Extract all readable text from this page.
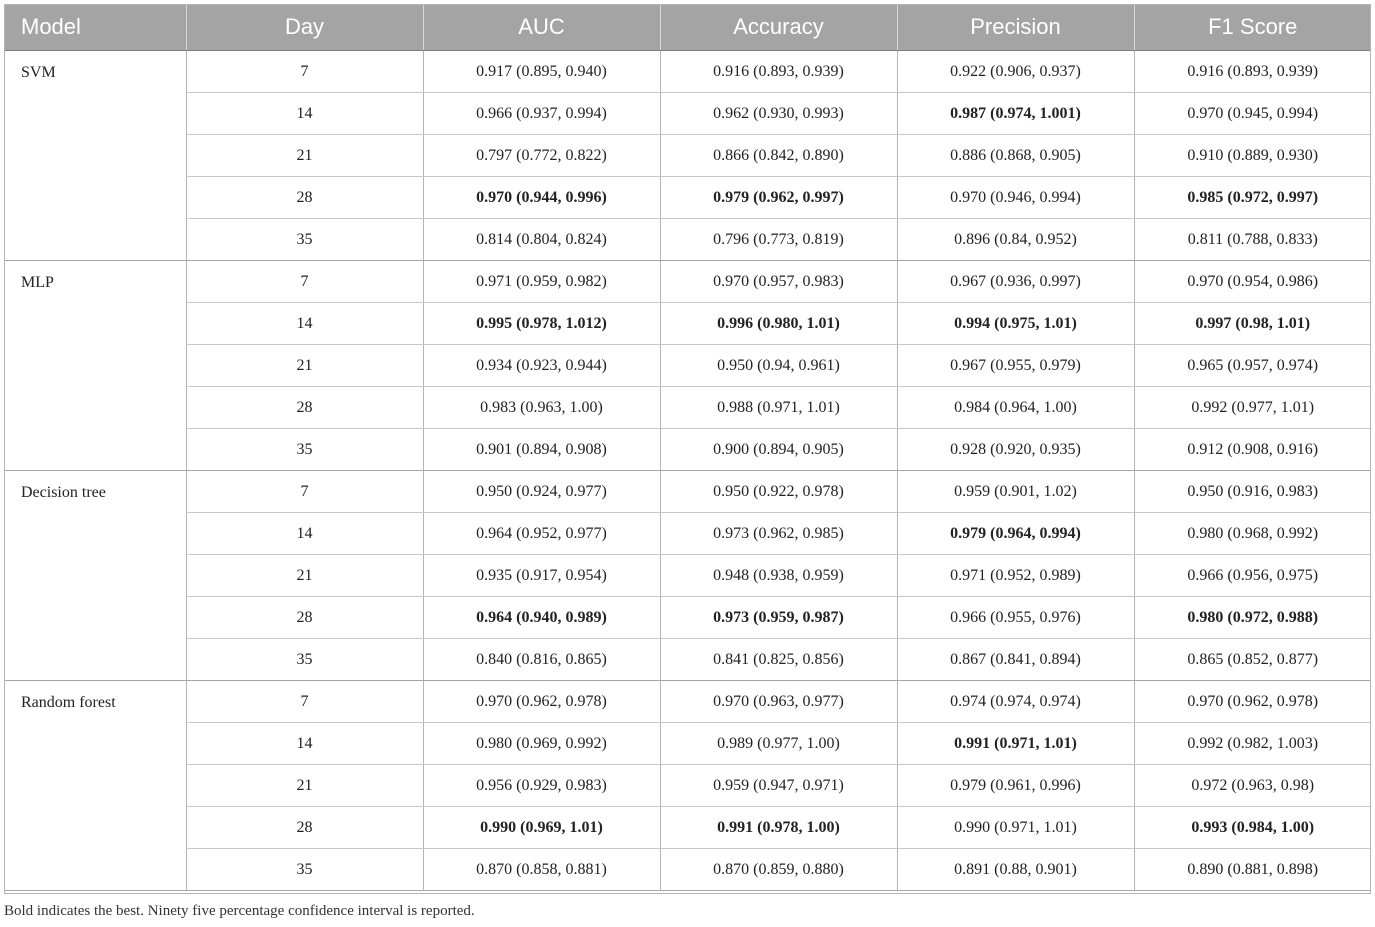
Model	Day	AUC	Accuracy	Precision	F1 Score
SVM	7	0.917 (0.895, 0.940)	0.916 (0.893, 0.939)	0.922 (0.906, 0.937)	0.916 (0.893, 0.939)
	14	0.966 (0.937, 0.994)	0.962 (0.930, 0.993)	0.987 (0.974, 1.001)	0.970 (0.945, 0.994)
	21	0.797 (0.772, 0.822)	0.866 (0.842, 0.890)	0.886 (0.868, 0.905)	0.910 (0.889, 0.930)
	28	0.970 (0.944, 0.996)	0.979 (0.962, 0.997)	0.970 (0.946, 0.994)	0.985 (0.972, 0.997)
	35	0.814 (0.804, 0.824)	0.796 (0.773, 0.819)	0.896 (0.84, 0.952)	0.811 (0.788, 0.833)
MLP	7	0.971 (0.959, 0.982)	0.970 (0.957, 0.983)	0.967 (0.936, 0.997)	0.970 (0.954, 0.986)
	14	0.995 (0.978, 1.012)	0.996 (0.980, 1.01)	0.994 (0.975, 1.01)	0.997 (0.98, 1.01)
	21	0.934 (0.923, 0.944)	0.950 (0.94, 0.961)	0.967 (0.955, 0.979)	0.965 (0.957, 0.974)
	28	0.983 (0.963, 1.00)	0.988 (0.971, 1.01)	0.984 (0.964, 1.00)	0.992 (0.977, 1.01)
	35	0.901 (0.894, 0.908)	0.900 (0.894, 0.905)	0.928 (0.920, 0.935)	0.912 (0.908, 0.916)
Decision tree	7	0.950 (0.924, 0.977)	0.950 (0.922, 0.978)	0.959 (0.901, 1.02)	0.950 (0.916, 0.983)
	14	0.964 (0.952, 0.977)	0.973 (0.962, 0.985)	0.979 (0.964, 0.994)	0.980 (0.968, 0.992)
	21	0.935 (0.917, 0.954)	0.948 (0.938, 0.959)	0.971 (0.952, 0.989)	0.966 (0.956, 0.975)
	28	0.964 (0.940, 0.989)	0.973 (0.959, 0.987)	0.966 (0.955, 0.976)	0.980 (0.972, 0.988)
	35	0.840 (0.816, 0.865)	0.841 (0.825, 0.856)	0.867 (0.841, 0.894)	0.865 (0.852, 0.877)
Random forest	7	0.970 (0.962, 0.978)	0.970 (0.963, 0.977)	0.974 (0.974, 0.974)	0.970 (0.962, 0.978)
	14	0.980 (0.969, 0.992)	0.989 (0.977, 1.00)	0.991 (0.971, 1.01)	0.992 (0.982, 1.003)
	21	0.956 (0.929, 0.983)	0.959 (0.947, 0.971)	0.979 (0.961, 0.996)	0.972 (0.963, 0.98)
	28	0.990 (0.969, 1.01)	0.991 (0.978, 1.00)	0.990 (0.971, 1.01)	0.993 (0.984, 1.00)
	35	0.870 (0.858, 0.881)	0.870 (0.859, 0.880)	0.891 (0.88, 0.901)	0.890 (0.881, 0.898)
Bold indicates the best. Ninety five percentage confidence interval is reported.
